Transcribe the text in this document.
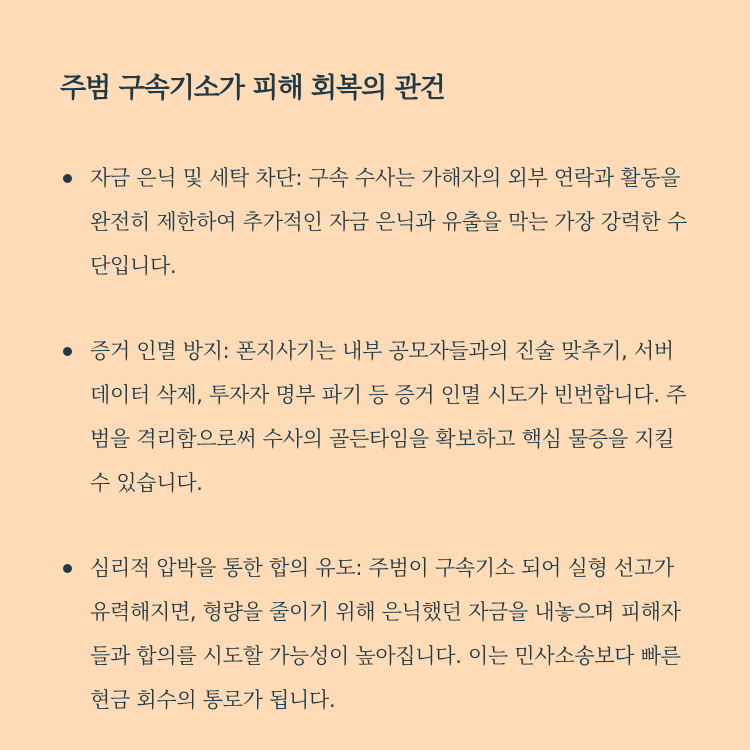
주범 구속기소가 피해 회복의 관건
자금 은닉 및 세탁 차단: 구속 수사는 가해자의 외부 연락과 활동을 완전히 제한하여 추가적인 자금 은닉과 유출을 막는 가장 강력한 수단입니다.
증거 인멸 방지: 폰지사기는 내부 공모자들과의 진술 맞추기, 서버 데이터 삭제, 투자자 명부 파기 등 증거 인멸 시도가 빈번합니다. 주범을 격리함으로써 수사의 골든타임을 확보하고 핵심 물증을 지킬 수 있습니다.
심리적 압박을 통한 합의 유도: 주범이 구속기소 되어 실형 선고가 유력해지면, 형량을 줄이기 위해 은닉했던 자금을 내놓으며 피해자들과 합의를 시도할 가능성이 높아집니다. 이는 민사소송보다 빠른 현금 회수의 통로가 됩니다.
